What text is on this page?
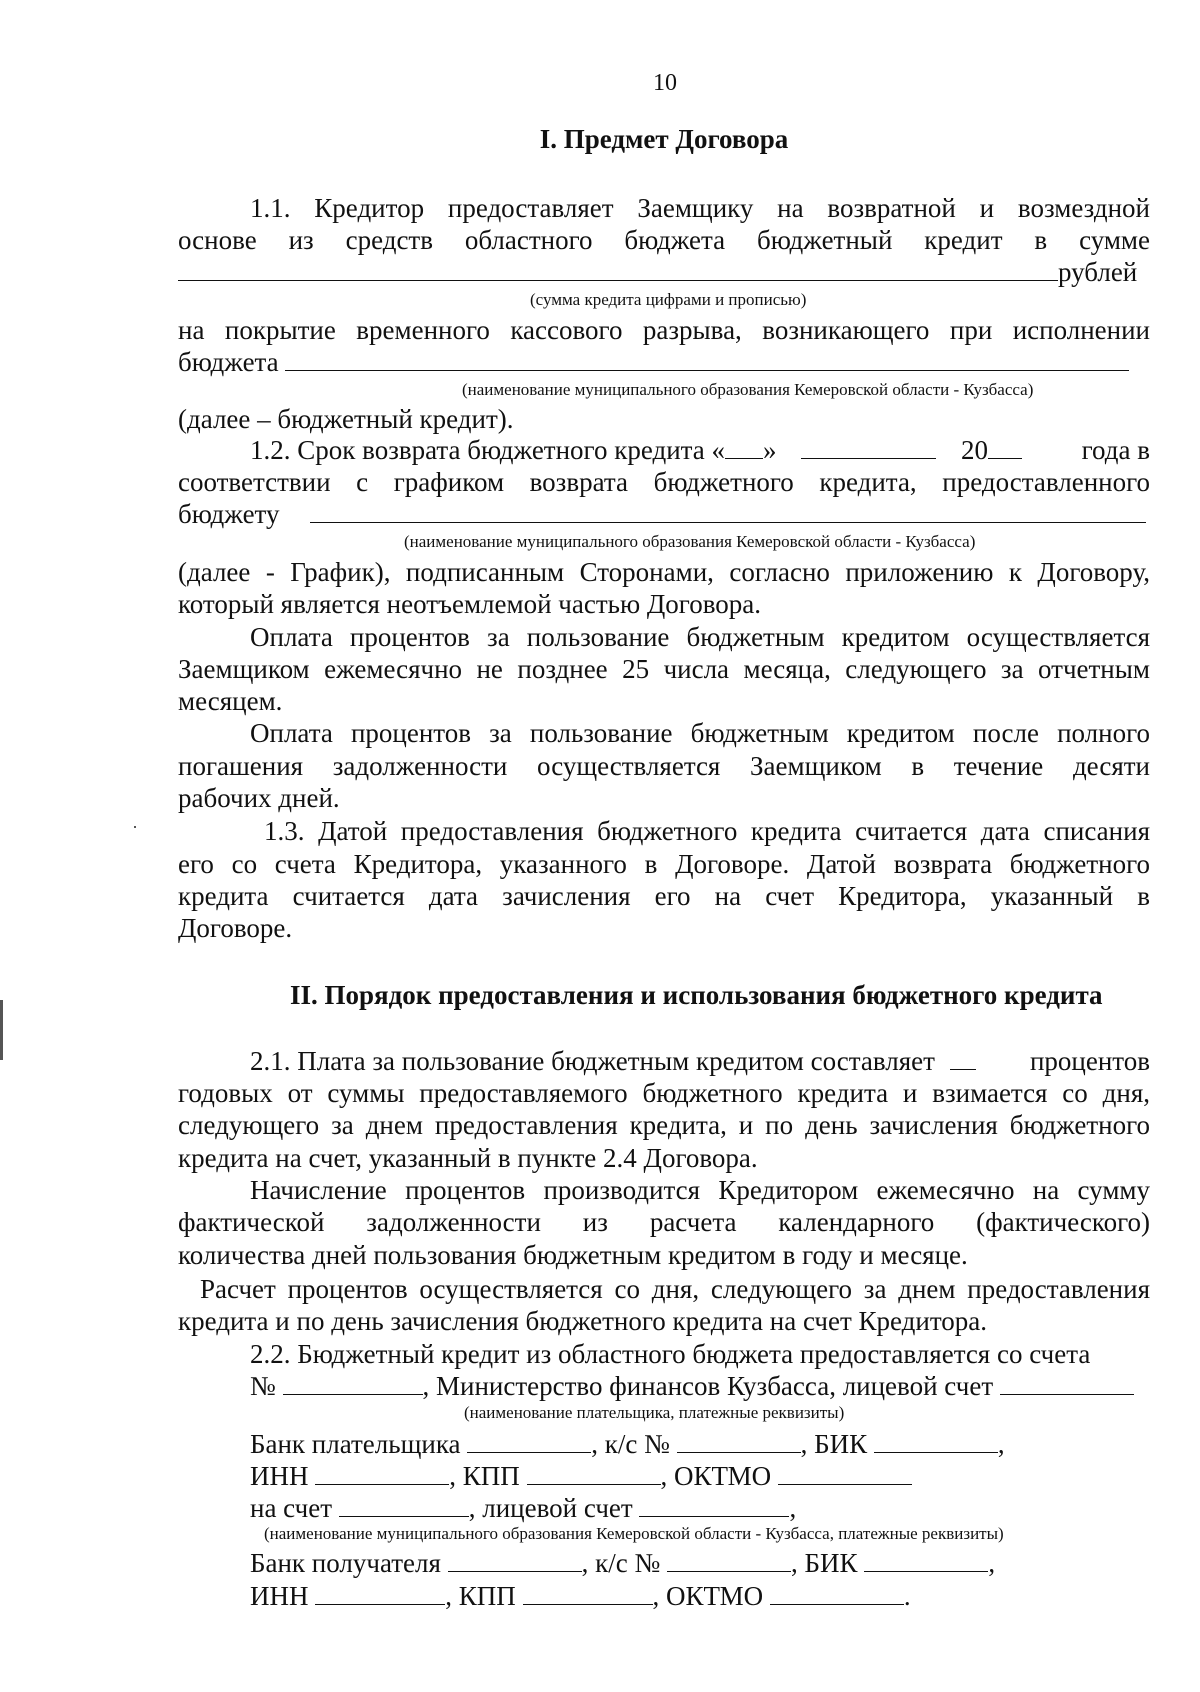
10
I. Предмет Договора
1.1. Кредитор предоставляет Заемщику на возвратной и возмездной
основе из средств областного бюджета бюджетный кредит в сумме
рублей
(сумма кредита цифрами и прописью)
на покрытие временного кассового разрыва, возникающего при исполнении
бюджета
(наименование муниципального образования Кемеровской области - Кузбасса)
(далее – бюджетный кредит).
1.2. Срок возврата бюджетного кредита « »	20	года в
соответствии с графиком возврата бюджетного кредита, предоставленного
бюджету
(наименование муниципального образования Кемеровской области - Кузбасса)
(далее - График), подписанным Сторонами, согласно приложению к Договору,
который является неотъемлемой частью Договора.
Оплата процентов за пользование бюджетным кредитом осуществляется
Заемщиком ежемесячно не позднее 25 числа месяца, следующего за отчетным
месяцем.
Оплата процентов за пользование бюджетным кредитом после полного
погашения задолженности осуществляется Заемщиком в течение десяти
рабочих дней.
1.3. Датой предоставления бюджетного кредита считается дата списания
его со счета Кредитора, указанного в Договоре. Датой возврата бюджетного
кредита считается дата зачисления его на счет Кредитора, указанный в
Договоре.
II. Порядок предоставления и использования бюджетного кредита
2.1. Плата за пользование бюджетным кредитом составляет	процентов
годовых от суммы предоставляемого бюджетного кредита и взимается со дня,
следующего за днем предоставления кредита, и по день зачисления бюджетного
кредита на счет, указанный в пункте 2.4 Договора.
Начисление процентов производится Кредитором ежемесячно на сумму
фактической задолженности из расчета календарного (фактического)
количества дней пользования бюджетным кредитом в году и месяце.
Расчет процентов осуществляется со дня, следующего за днем предоставления
кредита и по день зачисления бюджетного кредита на счет Кредитора.
2.2. Бюджетный кредит из областного бюджета предоставляется со счета
№	, Министерство финансов Кузбасса, лицевой счет
(наименование плательщика, платежные реквизиты)
Банк плательщика	, к/с №	, БИК	,
ИНН	, КПП	, ОКТМО
на счет	, лицевой счет	,
(наименование муниципального образования Кемеровской области - Кузбасса, платежные реквизиты)
Банк получателя	, к/с №	, БИК	,
ИНН	, КПП	, ОКТМО	.
